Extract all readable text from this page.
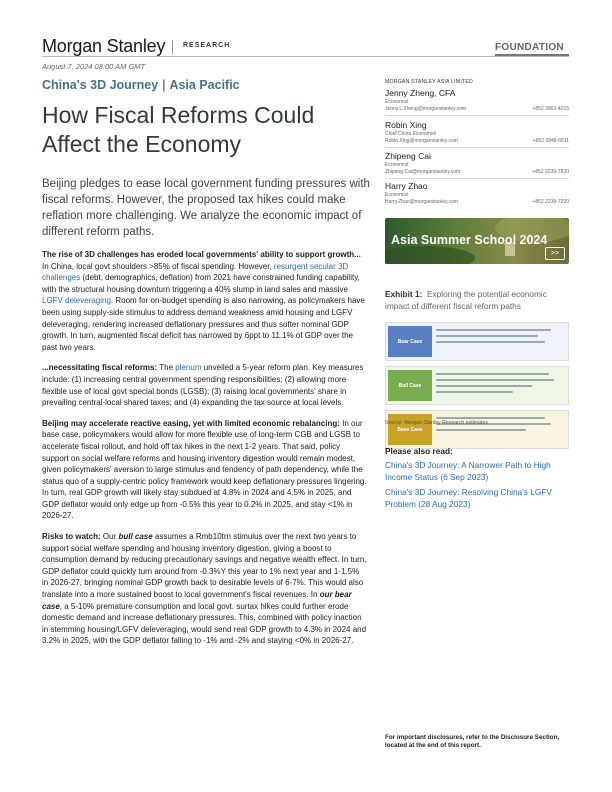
Morgan Stanley	RESEARCH	FOUNDATION
August 7, 2024 08:00 AM GMT
China's 3D Journey | Asia Pacific
How Fiscal Reforms Could Affect the Economy
Beijing pledges to ease local government funding pressures with fiscal reforms. However, the proposed tax hikes could make reflation more challenging. We analyze the economic impact of different reform paths.

The rise of 3D challenges has eroded local governments' ability to support growth... In China, local govt shoulders >85% of fiscal spending. However, resurgent secular 3D challenges (debt, demographics, deflation) from 2021 have constrained funding capability, with the structural housing downturn triggering a 40% slump in land sales and massive LGFV deleveraging. Room for on-budget spending is also narrowing, as policymakers have been using supply-side stimulus to address demand weakness amid housing and LGFV deleveraging, rendering increased deflationary pressures and thus softer nominal GDP growth. In turn, augmented fiscal deficit has narrowed by 6ppt to 11.1% of GDP over the past two years.

...necessitating fiscal reforms: The plenum unveiled a 5-year reform plan. Key measures include: (1) increasing central government spending responsibilities; (2) allowing more flexible use of local govt special bonds (LGSB); (3) raising local governments' share in prevailing central-local shared taxes; and (4) expanding the tax source at local levels.

Beijing may accelerate reactive easing, yet with limited economic rebalancing: In our base case, policymakers would allow for more flexible use of long-term CGB and LGSB to accelerate fiscal rollout, and hold off tax hikes in the next 1-2 years. That said, policy support on social welfare reforms and housing inventory digestion would remain modest, given policymakers' aversion to large stimulus and tendency of path dependency, while the status quo of a supply-centric policy framework would keep deflationary pressures lingering. In turn, real GDP growth will likely stay subdued at 4.8% in 2024 and 4.5% in 2025, and GDP deflator would only edge up from -0.5% this year to 0.2% in 2025, and stay <1% in 2026-27.

Risks to watch: Our bull case assumes a Rmb10trn stimulus over the next two years to support social welfare spending and housing inventory digestion, giving a boost to consumption demand by reducing precautionary savings and negative wealth effect. In turn, GDP deflator could quickly turn around from -0.3%Y this year to 1% next year and 1-1.5% in 2026-27, bringing nominal GDP growth back to desirable levels of 6-7%. This would also translate into a more sustained boost to local government's fiscal revenues. In our bear case, a 5-10% premature consumption and local govt. surtax hikes could further erode domestic demand and increase deflationary pressures. This, combined with policy inaction in stemming housing/LGFV deleveraging, would send real GDP growth to 4.3% in 2024 and 3.2% in 2025, with the GDP deflator falling to -1% and -2% and staying <0% in 2026-27.

MORGAN STANLEY ASIA LIMITED
Jenny Zheng, CFA
Economist
Jenny.L.Zheng@morganstanley.com	+852 3963-4015
Robin Xing
Chief China Economist
Robin.Xing@morganstanley.com	+852 2848-6511
Zhipeng Cai
Economist
Zhipeng.Cai@morganstanley.com	+852 2239-7820
Harry Zhao
Economist
Harry.Zhao@morganstanley.com	+852 2239-7220
Asia Summer School 2024
>>
Exhibit 1: Exploring the potential economic impact of different fiscal reform paths
Bear Case
Bull Case
Base Case
Source: Morgan Stanley Research estimates
Please also read:
China's 3D Journey: A Narrower Path to High Income Status (6 Sep 2023)
China's 3D Journey: Resolving China's LGFV Problem (28 Aug 2023)
For important disclosures, refer to the Disclosure Section, located at the end of this report.
